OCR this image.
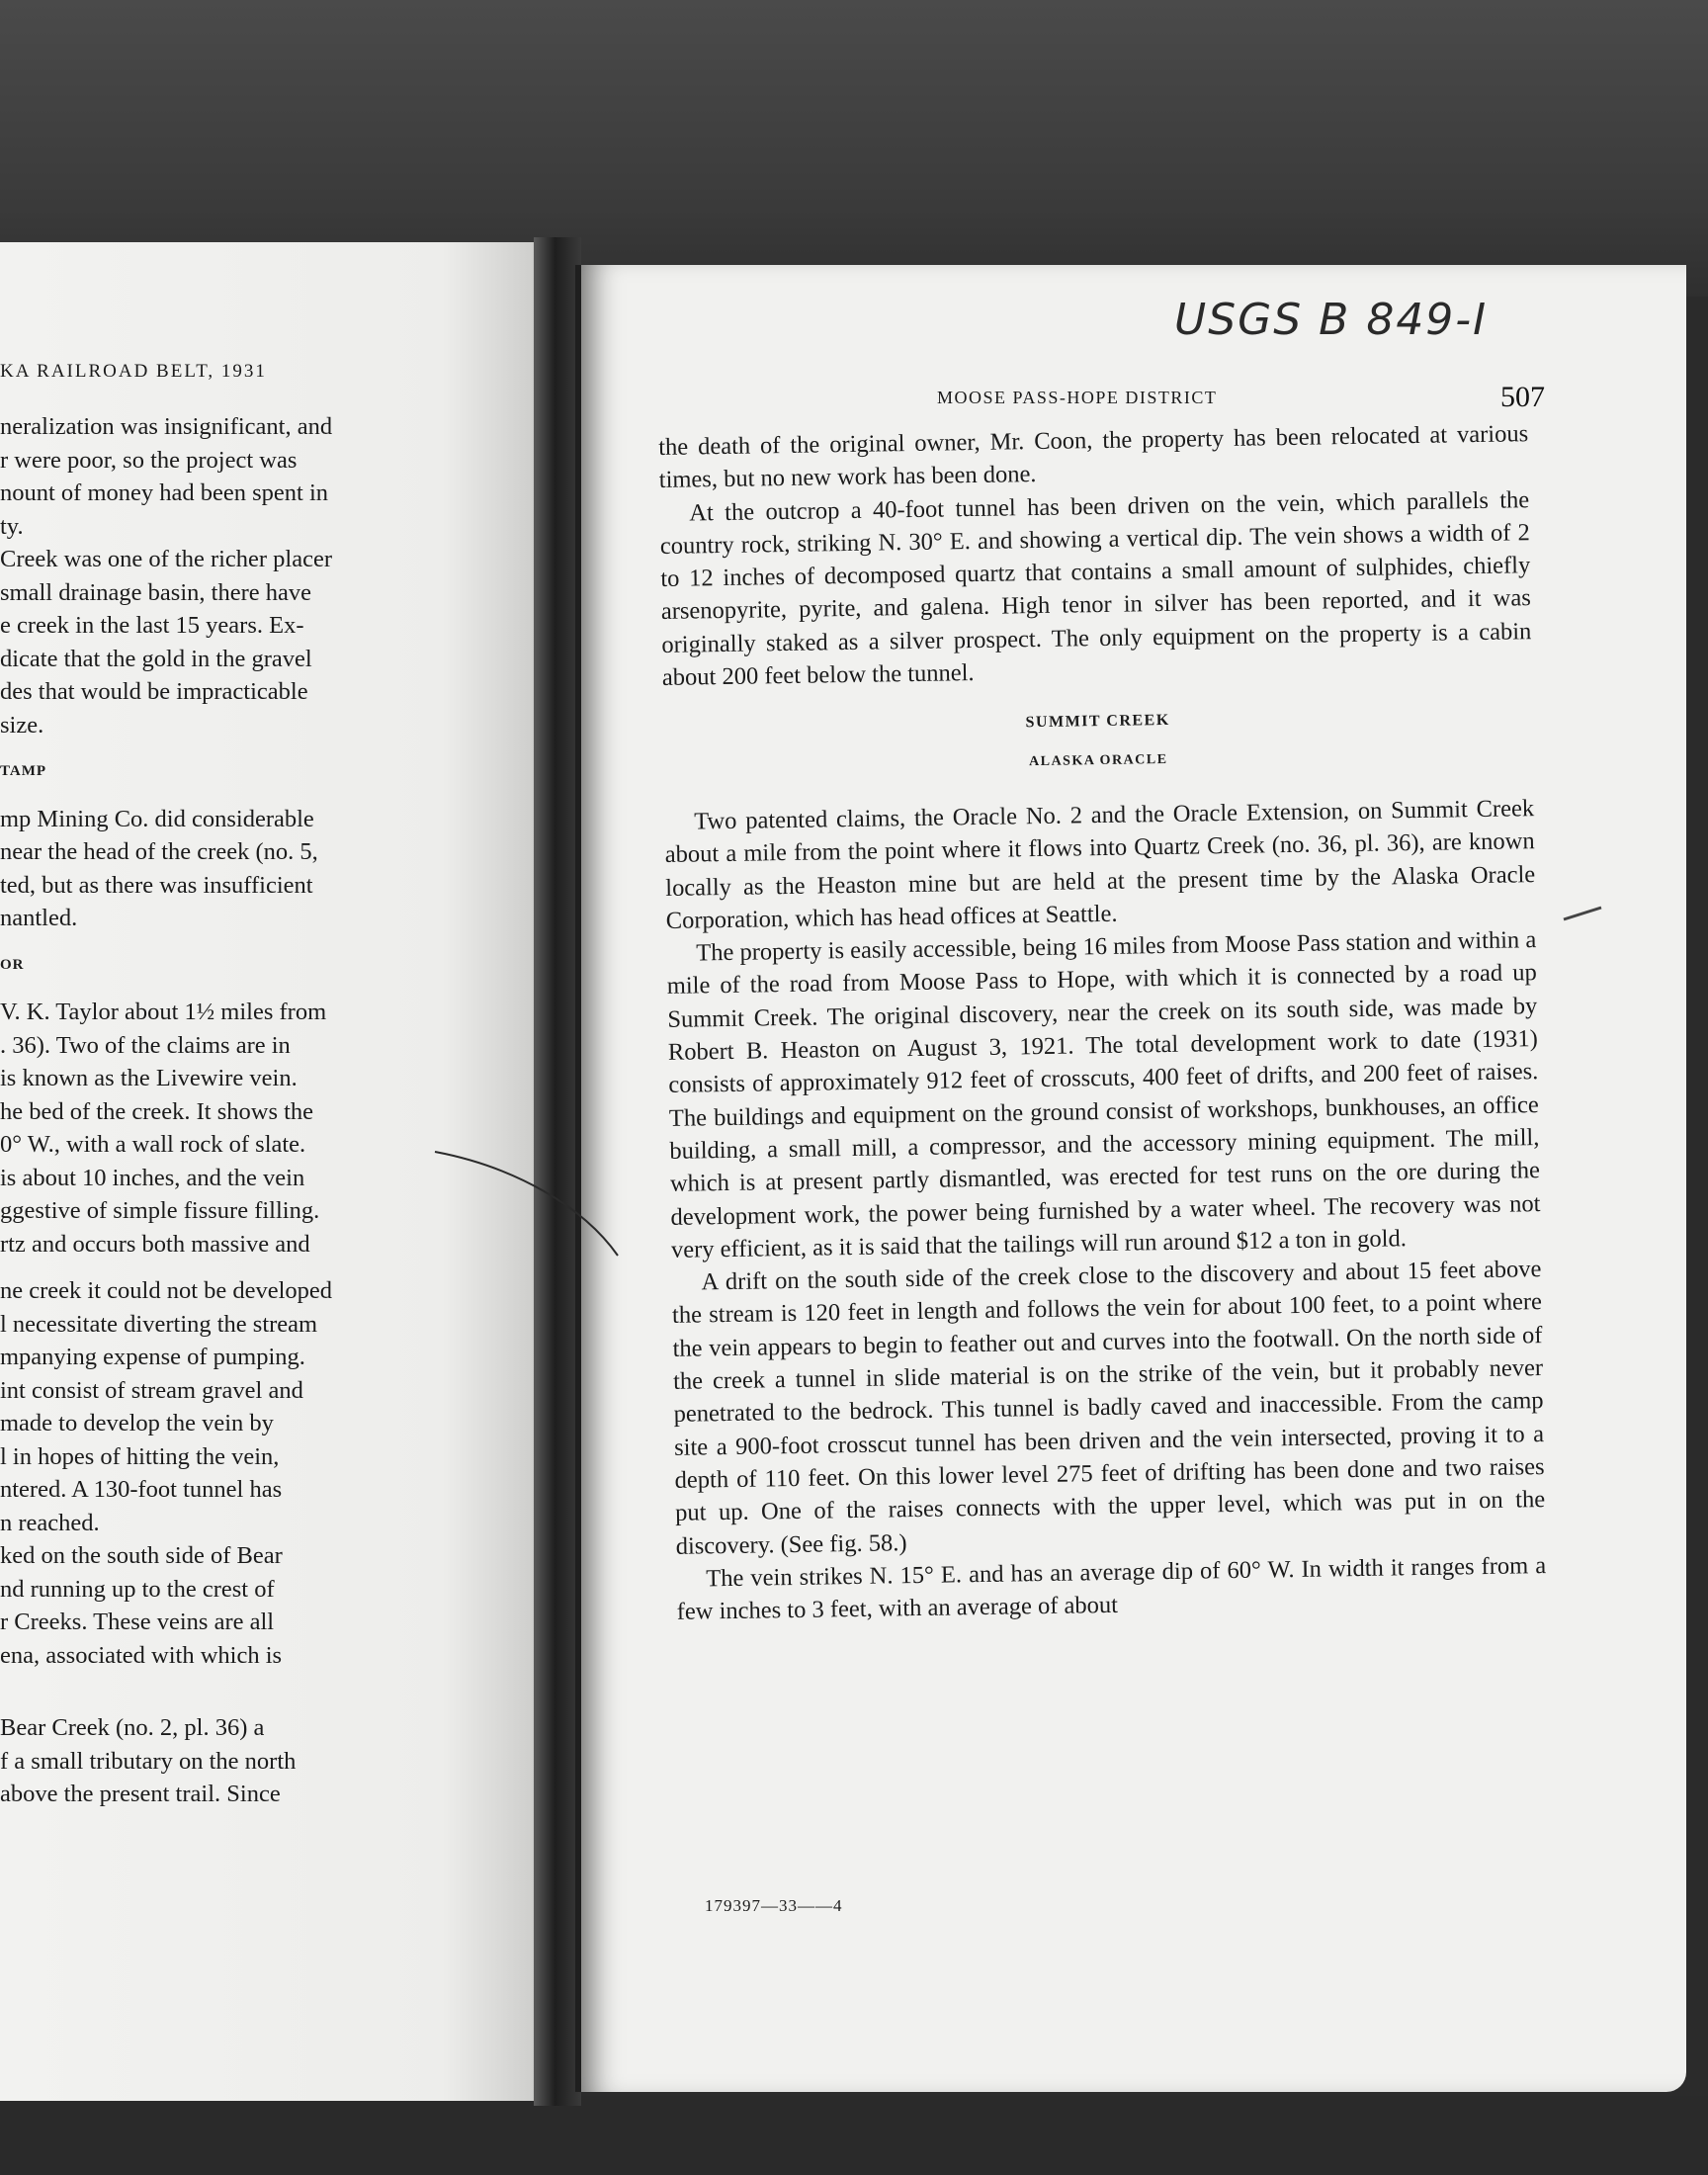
KA RAILROAD BELT, 1931

neralization was insignificant, and
r were poor, so the project was
nount of money had been spent in
ty.
Creek was one of the richer placer
small drainage basin, there have
e creek in the last 15 years. Ex-
dicate that the gold in the gravel
des that would be impracticable
size.
TAMP
mp Mining Co. did considerable
near the head of the creek (no. 5,
ted, but as there was insufficient
nantled.
OR
V. K. Taylor about 1½ miles from
. 36). Two of the claims are in
is known as the Livewire vein.
he bed of the creek. It shows the
0° W., with a wall rock of slate.
is about 10 inches, and the vein
ggestive of simple fissure filling.
rtz and occurs both massive and
ne creek it could not be developed
l necessitate diverting the stream
mpanying expense of pumping.
int consist of stream gravel and
made to develop the vein by
l in hopes of hitting the vein,
ntered. A 130-foot tunnel has
n reached.
ked on the south side of Bear
nd running up to the crest of
r Creeks. These veins are all
ena, associated with which is
Bear Creek (no. 2, pl. 36) a
f a small tributary on the north
above the present trail. Since

USGS B 849-I

MOOSE PASS-HOPE DISTRICT	507

the death of the original owner, Mr. Coon, the property has been relocated at various times, but no new work has been done.

At the outcrop a 40-foot tunnel has been driven on the vein, which parallels the country rock, striking N. 30° E. and showing a vertical dip. The vein shows a width of 2 to 12 inches of decomposed quartz that contains a small amount of sulphides, chiefly arsenopyrite, pyrite, and galena. High tenor in silver has been reported, and it was originally staked as a silver prospect. The only equipment on the property is a cabin about 200 feet below the tunnel.

SUMMIT CREEK

ALASKA ORACLE

Two patented claims, the Oracle No. 2 and the Oracle Extension, on Summit Creek about a mile from the point where it flows into Quartz Creek (no. 36, pl. 36), are known locally as the Heaston mine but are held at the present time by the Alaska Oracle Corporation, which has head offices at Seattle.

The property is easily accessible, being 16 miles from Moose Pass station and within a mile of the road from Moose Pass to Hope, with which it is connected by a road up Summit Creek. The original discovery, near the creek on its south side, was made by Robert B. Heaston on August 3, 1921. The total development work to date (1931) consists of approximately 912 feet of crosscuts, 400 feet of drifts, and 200 feet of raises. The buildings and equipment on the ground consist of workshops, bunkhouses, an office building, a small mill, a compressor, and the accessory mining equipment. The mill, which is at present partly dismantled, was erected for test runs on the ore during the development work, the power being furnished by a water wheel. The recovery was not very efficient, as it is said that the tailings will run around $12 a ton in gold.

A drift on the south side of the creek close to the discovery and about 15 feet above the stream is 120 feet in length and follows the vein for about 100 feet, to a point where the vein appears to begin to feather out and curves into the footwall. On the north side of the creek a tunnel in slide material is on the strike of the vein, but it probably never penetrated to the bedrock. This tunnel is badly caved and inaccessible. From the camp site a 900-foot crosscut tunnel has been driven and the vein intersected, proving it to a depth of 110 feet. On this lower level 275 feet of drifting has been done and two raises put up. One of the raises connects with the upper level, which was put in on the discovery. (See fig. 58.)

The vein strikes N. 15° E. and has an average dip of 60° W. In width it ranges from a few inches to 3 feet, with an average of about

179397—33——4
